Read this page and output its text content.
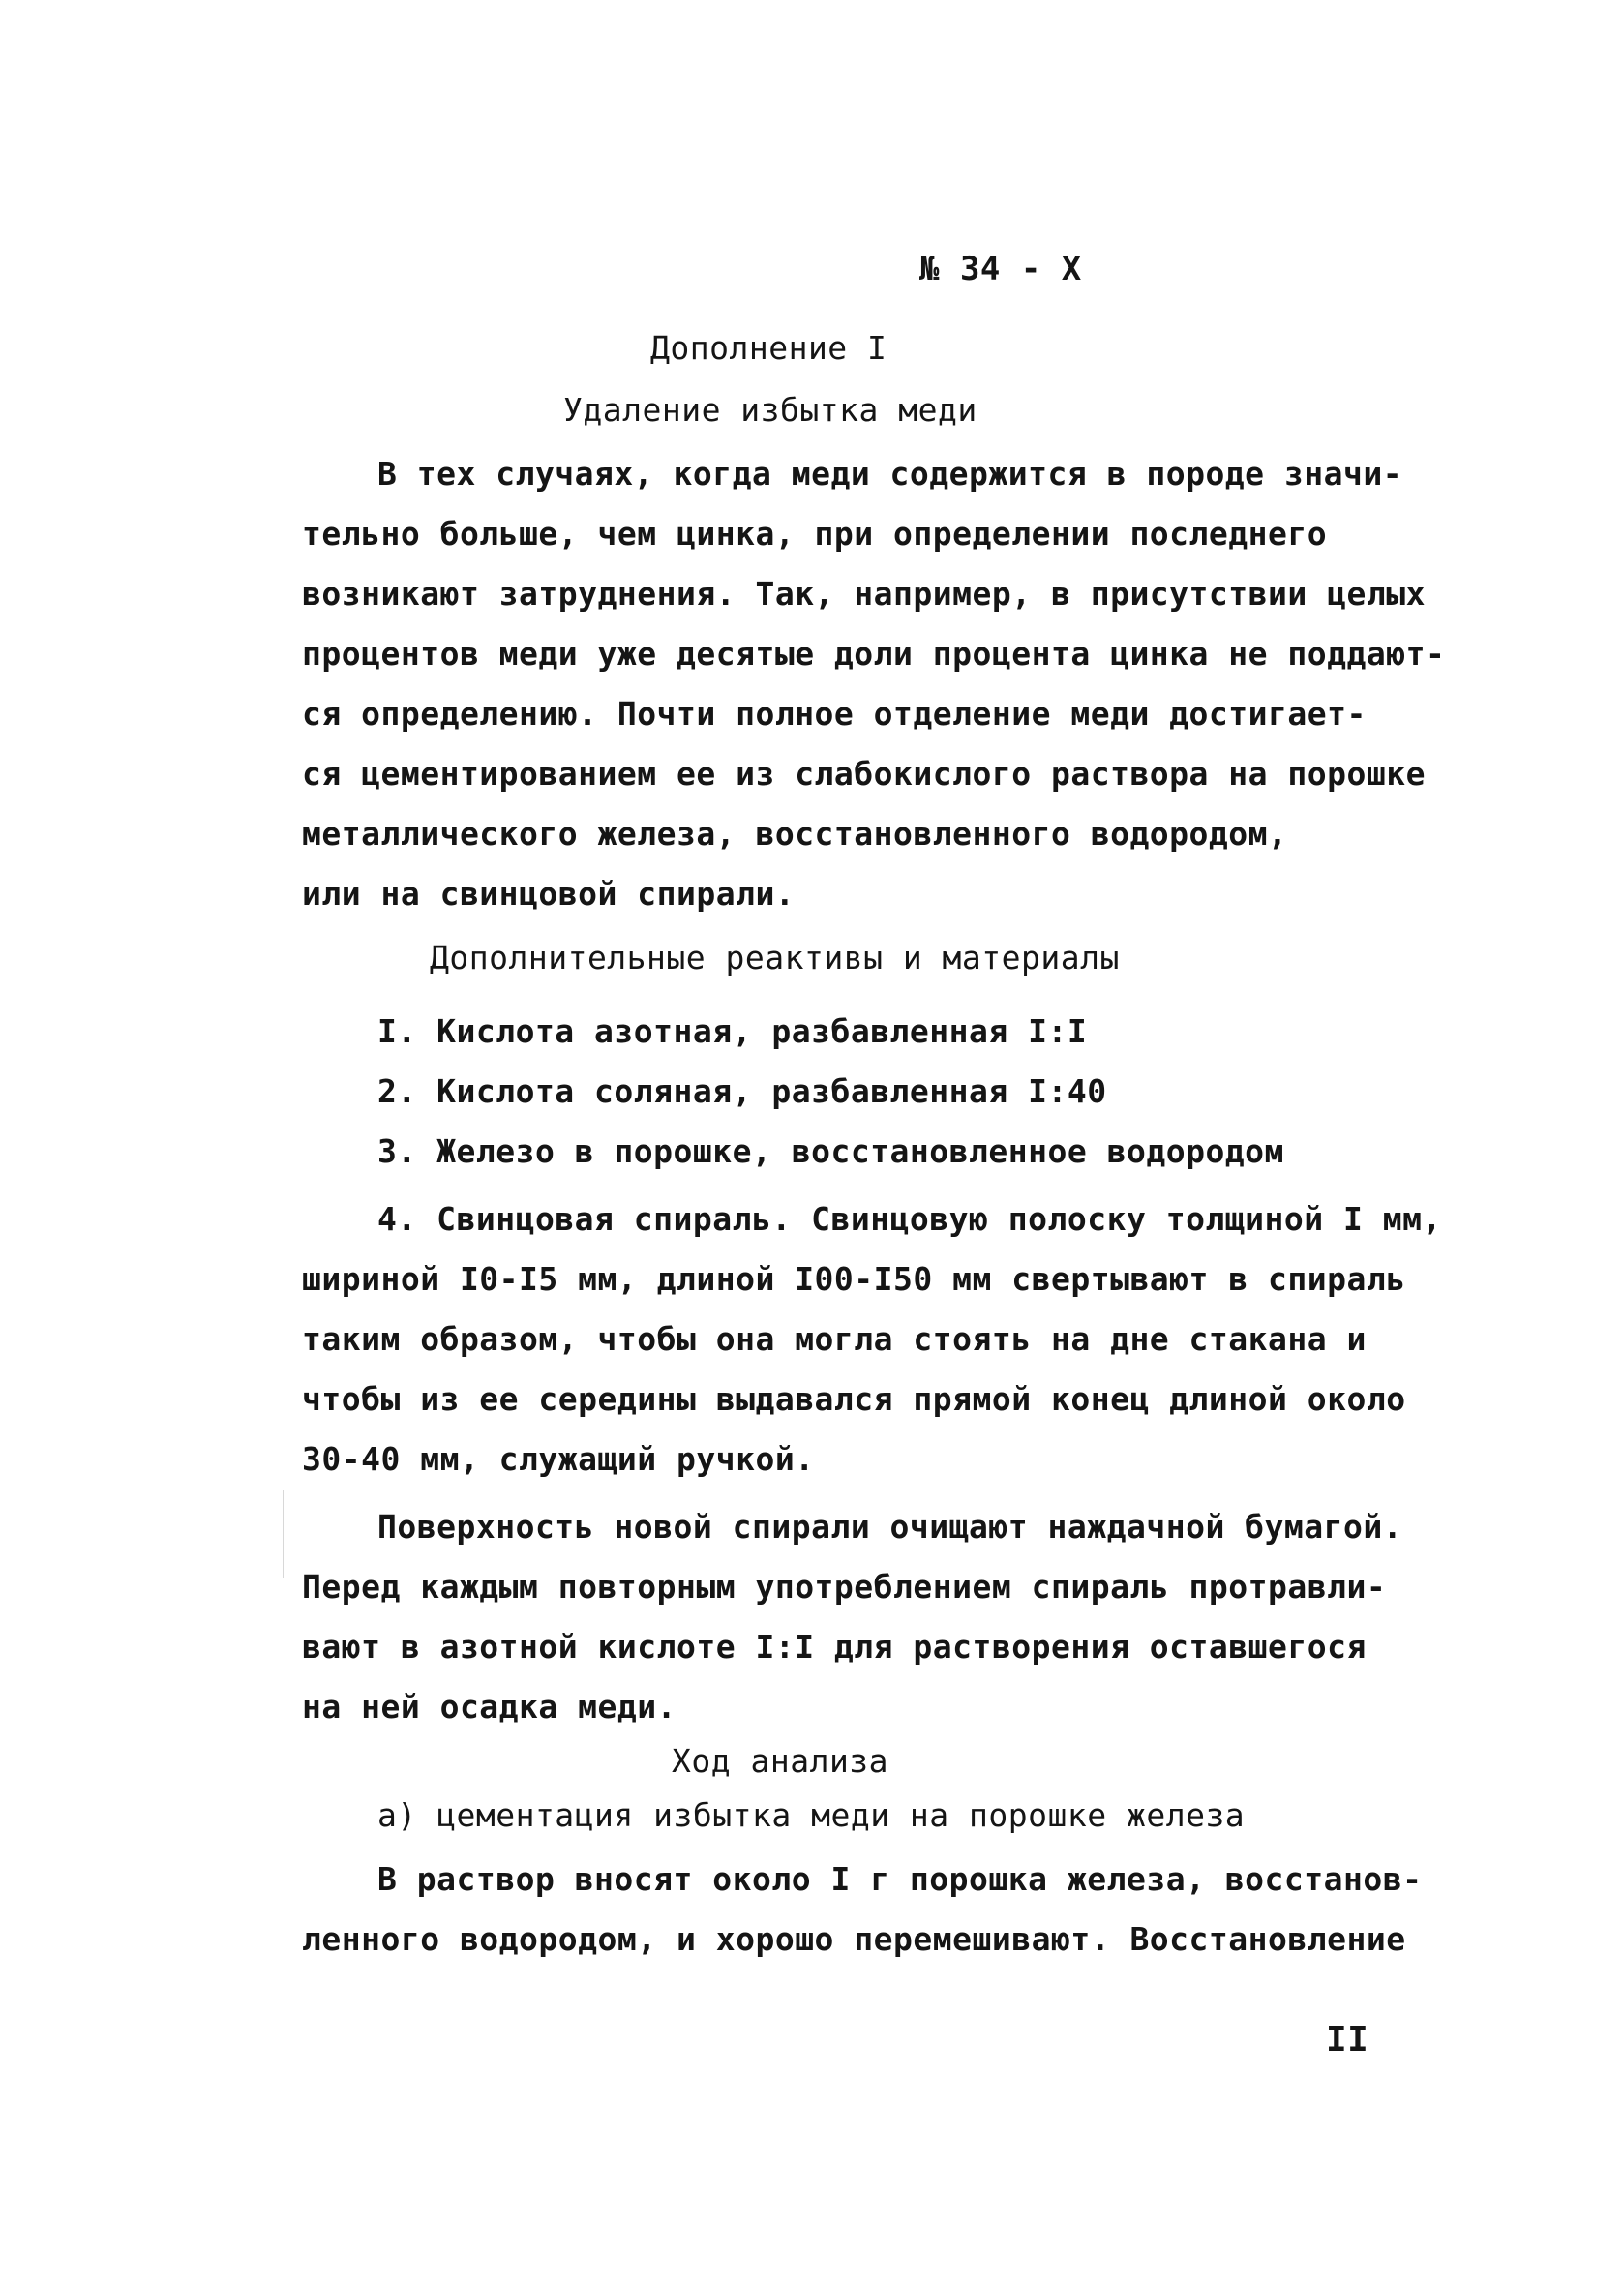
№ 34 - X
Дополнение I
Удаление избытка меди
В тех случаях, когда меди содержится в породе значи-
тельно больше, чем цинка, при определении последнего
возникают затруднения. Так, например, в присутствии целых
процентов меди уже десятые доли процента цинка не поддают-
ся определению. Почти полное отделение меди достигает-
ся цементированием ее из слабокислого раствора на порошке
металлического железа, восстановленного водородом,
или на свинцовой спирали.
Дополнительные реактивы и материалы
I. Кислота азотная, разбавленная I:I
2. Кислота соляная, разбавленная I:40
3. Железо в порошке, восстановленное водородом
4. Свинцовая спираль. Свинцовую полоску толщиной I мм,
шириной I0-I5 мм, длиной I00-I50 мм свертывают в спираль
таким образом, чтобы она могла стоять на дне стакана и
чтобы из ее середины выдавался прямой конец длиной около
30-40 мм, служащий ручкой.
Поверхность новой спирали очищают наждачной бумагой.
Перед каждым повторным употреблением спираль протравли-
вают в азотной кислоте I:I для растворения оставшегося
на ней осадка меди.
Ход анализа
а) цементация избытка меди на порошке железа
В раствор вносят около I г порошка железа, восстанов-
ленного водородом, и хорошо перемешивают. Восстановление
II
